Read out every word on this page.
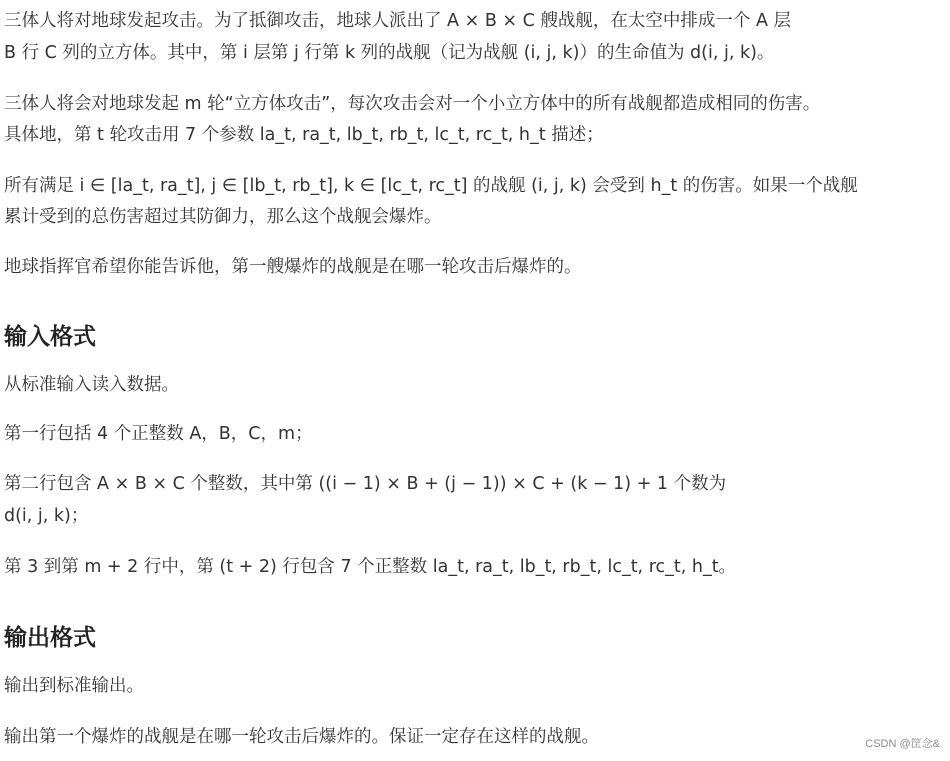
三体人将对地球发起攻击。为了抵御攻击，地球人派出了 A × B × C 艘战舰，在太空中排成一个 A 层

B 行 C 列的立方体。其中，第 i 层第 j 行第 k 列的战舰（记为战舰 (i, j, k)）的生命值为 d(i, j, k)。

三体人将会对地球发起 m 轮“立方体攻击”，每次攻击会对一个小立方体中的所有战舰都造成相同的伤害。

具体地，第 t 轮攻击用 7 个参数 la_t, ra_t, lb_t, rb_t, lc_t, rc_t, h_t 描述；

所有满足 i ∈ [la_t, ra_t], j ∈ [lb_t, rb_t], k ∈ [lc_t, rc_t] 的战舰 (i, j, k) 会受到 h_t 的伤害。如果一个战舰

累计受到的总伤害超过其防御力，那么这个战舰会爆炸。

地球指挥官希望你能告诉他，第一艘爆炸的战舰是在哪一轮攻击后爆炸的。

输入格式

从标准输入读入数据。

第一行包括 4 个正整数 A，B，C，m；

第二行包含 A × B × C 个整数，其中第 ((i − 1) × B + (j − 1)) × C + (k − 1) + 1 个数为

d(i, j, k)；

第 3 到第 m + 2 行中，第 (t + 2) 行包含 7 个正整数 la_t, ra_t, lb_t, rb_t, lc_t, rc_t, h_t。

输出格式

输出到标准输出。

输出第一个爆炸的战舰是在哪一轮攻击后爆炸的。保证一定存在这样的战舰。	CSDN @筐念&
